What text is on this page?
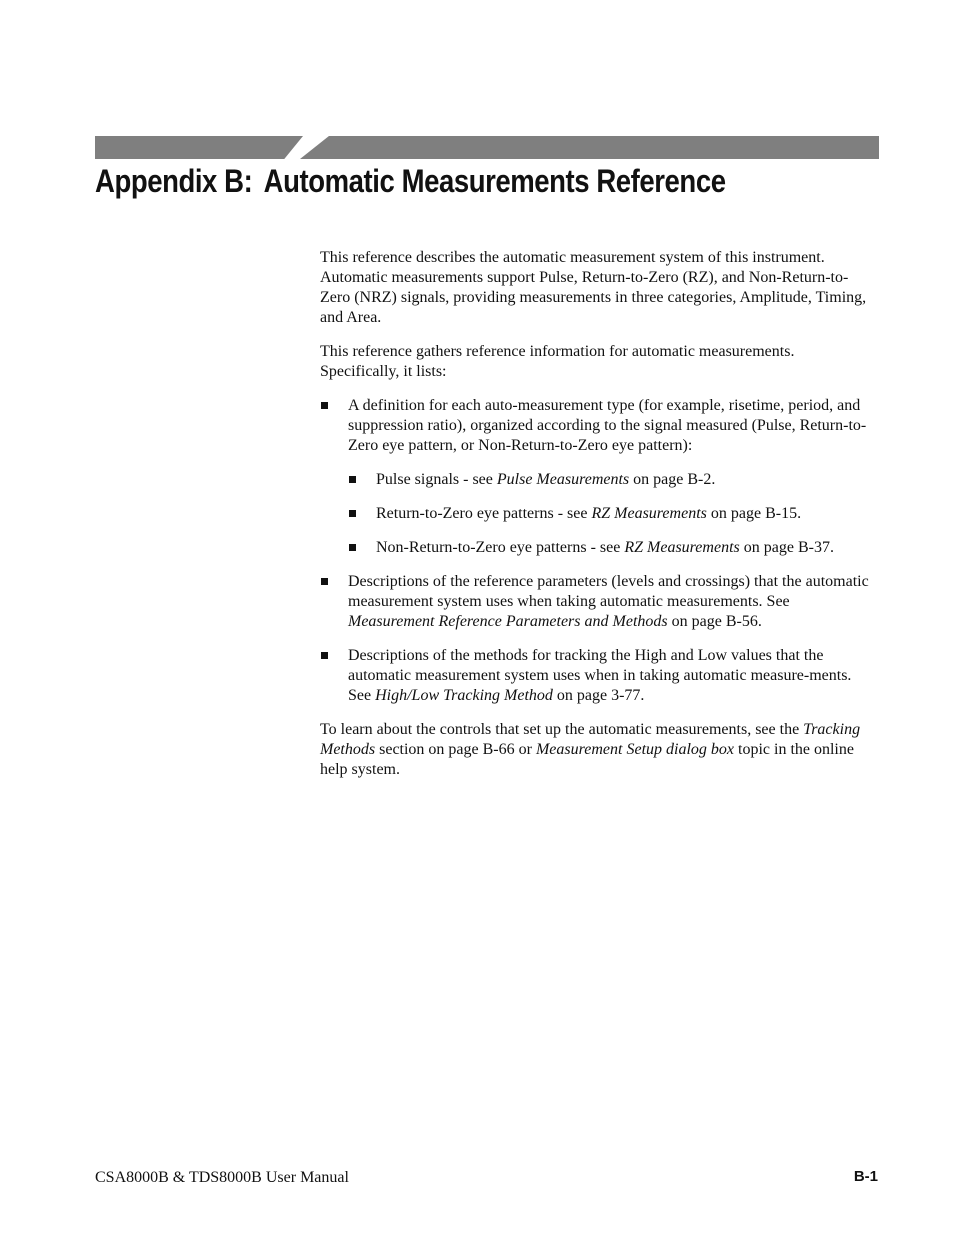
Appendix B: Automatic Measurements Reference

This reference describes the automatic measurement system of this instrument. Automatic measurements support Pulse, Return-to-Zero (RZ), and Non-Return-to-Zero (NRZ) signals, providing measurements in three categories, Amplitude, Timing, and Area.

This reference gathers reference information for automatic measurements. Specifically, it lists:

A definition for each auto-measurement type (for example, risetime, period, and suppression ratio), organized according to the signal measured (Pulse, Return-to-Zero eye pattern, or Non-Return-to-Zero eye pattern):
Pulse signals - see Pulse Measurements on page B-2.
Return-to-Zero eye patterns - see RZ Measurements on page B-15.
Non-Return-to-Zero eye patterns - see RZ Measurements on page B-37.
Descriptions of the reference parameters (levels and crossings) that the automatic measurement system uses when taking automatic measurements. See Measurement Reference Parameters and Methods on page B-56.
Descriptions of the methods for tracking the High and Low values that the automatic measurement system uses when in taking automatic measure-ments. See High/Low Tracking Method on page 3-77.

To learn about the controls that set up the automatic measurements, see the Tracking Methods section on page B-66 or Measurement Setup dialog box topic in the online help system.

CSA8000B & TDS8000B User Manual	B-1
